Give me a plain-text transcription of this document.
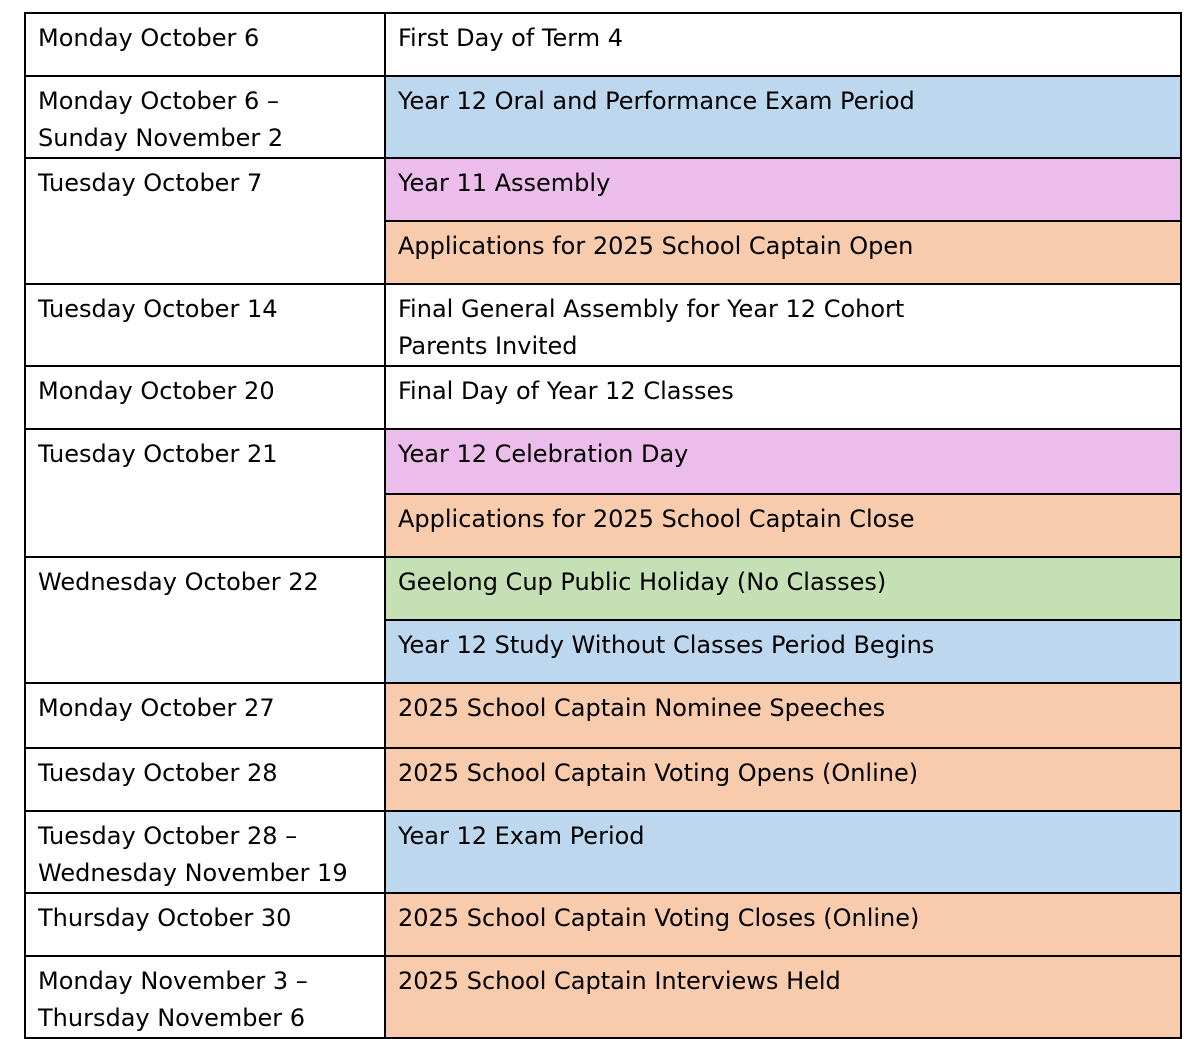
Monday October 6	First Day of Term 4
Monday October 6 –
Sunday November 2	Year 12 Oral and Performance Exam Period
Tuesday October 7	Year 11 Assembly
	Applications for 2025 School Captain Open
Tuesday October 14	Final General Assembly for Year 12 Cohort
Parents Invited
Monday October 20	Final Day of Year 12 Classes
Tuesday October 21	Year 12 Celebration Day
	Applications for 2025 School Captain Close
Wednesday October 22	Geelong Cup Public Holiday (No Classes)
	Year 12 Study Without Classes Period Begins
Monday October 27	2025 School Captain Nominee Speeches
Tuesday October 28	2025 School Captain Voting Opens (Online)
Tuesday October 28 –
Wednesday November 19	Year 12 Exam Period
Thursday October 30	2025 School Captain Voting Closes (Online)
Monday November 3 –
Thursday November 6	2025 School Captain Interviews Held
